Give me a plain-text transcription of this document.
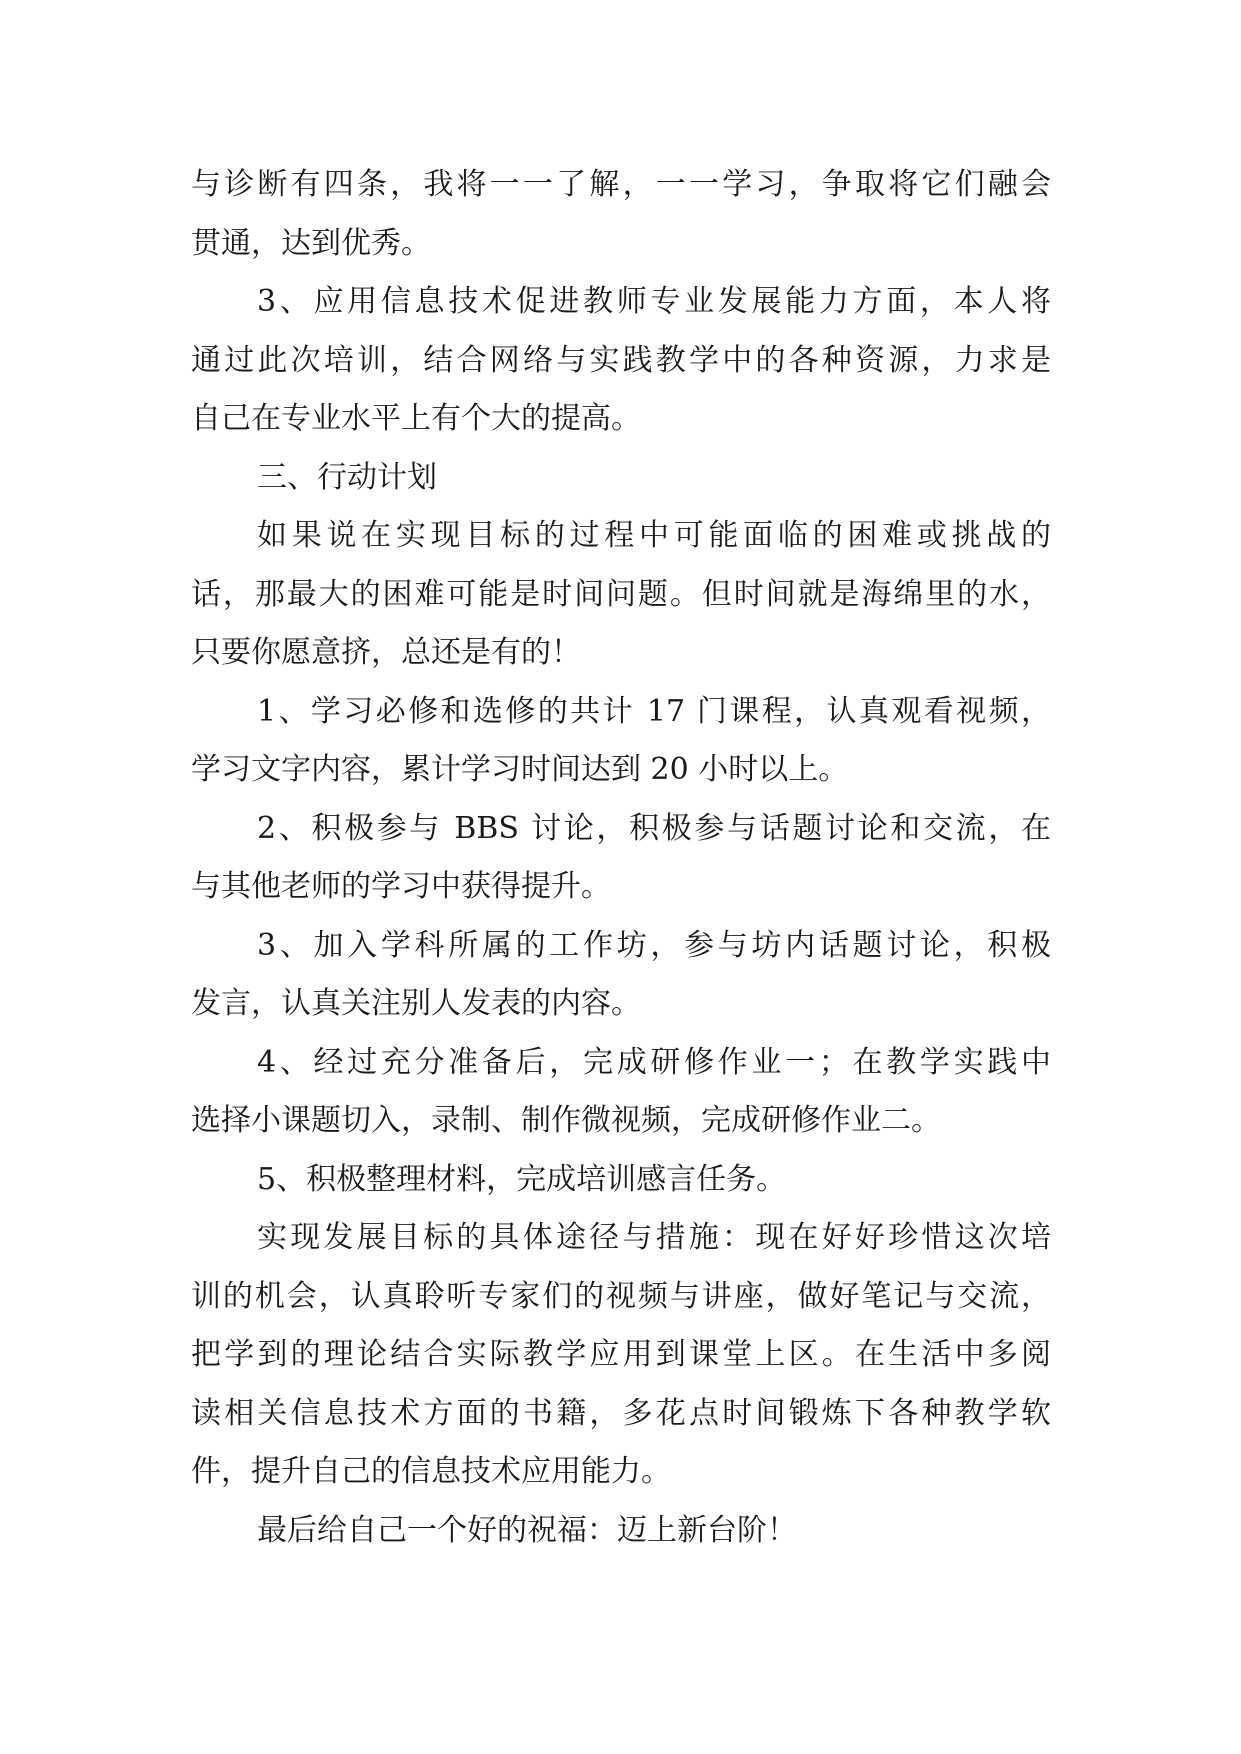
与诊断有四条，我将一一了解，一一学习，争取将它们融会
贯通，达到优秀。
3、应用信息技术促进教师专业发展能力方面，本人将
通过此次培训，结合网络与实践教学中的各种资源，力求是
自己在专业水平上有个大的提高。
三、行动计划
如果说在实现目标的过程中可能面临的困难或挑战的
话，那最大的困难可能是时间问题。但时间就是海绵里的水，
只要你愿意挤，总还是有的！
1、学习必修和选修的共计 17 门课程，认真观看视频，
学习文字内容，累计学习时间达到 20 小时以上。
2、积极参与 BBS 讨论，积极参与话题讨论和交流，在
与其他老师的学习中获得提升。
3、加入学科所属的工作坊，参与坊内话题讨论，积极
发言，认真关注别人发表的内容。
4、经过充分准备后，完成研修作业一；在教学实践中
选择小课题切入，录制、制作微视频，完成研修作业二。
5、积极整理材料，完成培训感言任务。
实现发展目标的具体途径与措施：现在好好珍惜这次培
训的机会，认真聆听专家们的视频与讲座，做好笔记与交流，
把学到的理论结合实际教学应用到课堂上区。在生活中多阅
读相关信息技术方面的书籍，多花点时间锻炼下各种教学软
件，提升自己的信息技术应用能力。
最后给自己一个好的祝福：迈上新台阶！
